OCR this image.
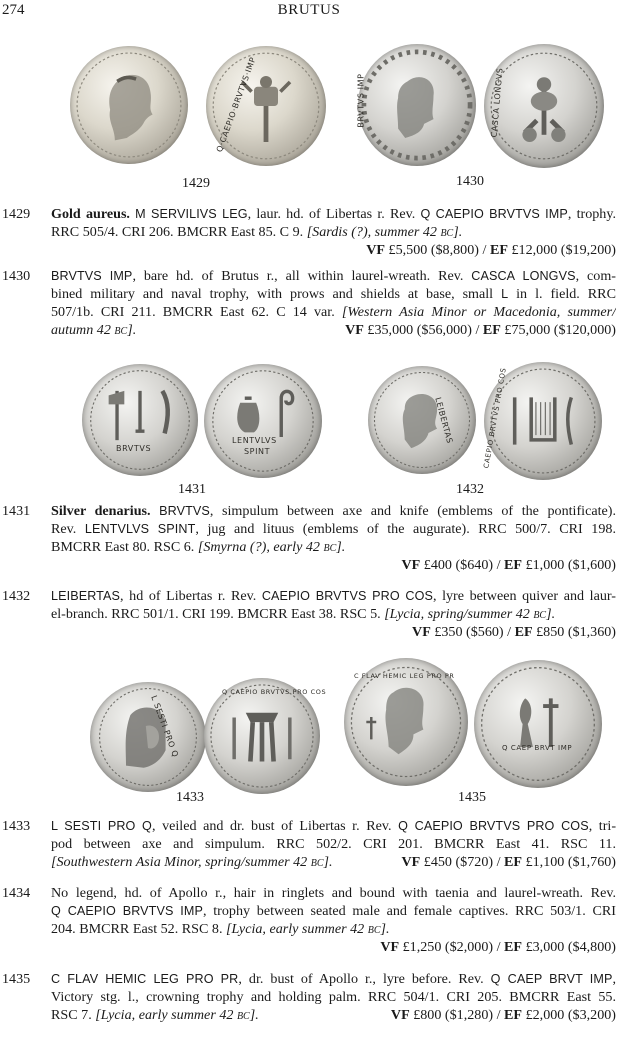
274	BRUTUS
Q·CAEPIO·BRVTVS·IMP
1429
BRVTVS IMP	CASCA LONGVS
1430
1429 Gold aureus. M SERVILIVS LEG, laur. hd. of Libertas r. Rev. Q CAEPIO BRVTVS IMP, trophy.
RRC 505/4. CRI 206. BMCRR East 85. C 9. [Sardis (?), summer 42 BC].
VF £5,500 ($8,800) / EF £12,000 ($19,200)
1430 BRVTVS IMP, bare hd. of Brutus r., all within laurel-wreath. Rev. CASCA LONGVS, com-
bined military and naval trophy, with prows and shields at base, small L in l. field. RRC
507/1b. CRI 211. BMCRR East 62. C 14 var. [Western Asia Minor or Macedonia, summer/
autumn 42 BC].	VF £35,000 ($56,000) / EF £75,000 ($120,000)
BRVTVS
LENTVLVS
SPINT
1431
LEIBERTAS	CAEPIO BRVTVS PRO COS
1432
1431 Silver denarius. BRVTVS, simpulum between axe and knife (emblems of the pontificate).
Rev. LENTVLVS SPINT, jug and lituus (emblems of the augurate). RRC 500/7. CRI 198.
BMCRR East 80. RSC 6. [Smyrna (?), early 42 BC].
VF £400 ($640) / EF £1,000 ($1,600)
1432 LEIBERTAS, hd of Libertas r. Rev. CAEPIO BRVTVS PRO COS, lyre between quiver and laur-
el-branch. RRC 501/1. CRI 199. BMCRR East 38. RSC 5. [Lycia, spring/summer 42 BC].
VF £350 ($560) / EF £850 ($1,360)
L SESTI PRO Q
Q CAEPIO BRVTVS PRO COS
1433
C FLAV HEMIC LEG PRO PR
Q CAEP BRVT IMP
1435
1433 L SESTI PRO Q, veiled and dr. bust of Libertas r. Rev. Q CAEPIO BRVTVS PRO COS, tri-
pod between axe and simpulum. RRC 502/2. CRI 201. BMCRR East 41. RSC 11.
[Southwestern Asia Minor, spring/summer 42 BC].	VF £450 ($720) / EF £1,100 ($1,760)
1434 No legend, hd. of Apollo r., hair in ringlets and bound with taenia and laurel-wreath. Rev.
Q CAEPIO BRVTVS IMP, trophy between seated male and female captives. RRC 503/1. CRI
204. BMCRR East 52. RSC 8. [Lycia, early summer 42 BC].
VF £1,250 ($2,000) / EF £3,000 ($4,800)
1435 C FLAV HEMIC LEG PRO PR, dr. bust of Apollo r., lyre before. Rev. Q CAEP BRVT IMP,
Victory stg. l., crowning trophy and holding palm. RRC 504/1. CRI 205. BMCRR East 55.
RSC 7. [Lycia, early summer 42 BC].	VF £800 ($1,280) / EF £2,000 ($3,200)
